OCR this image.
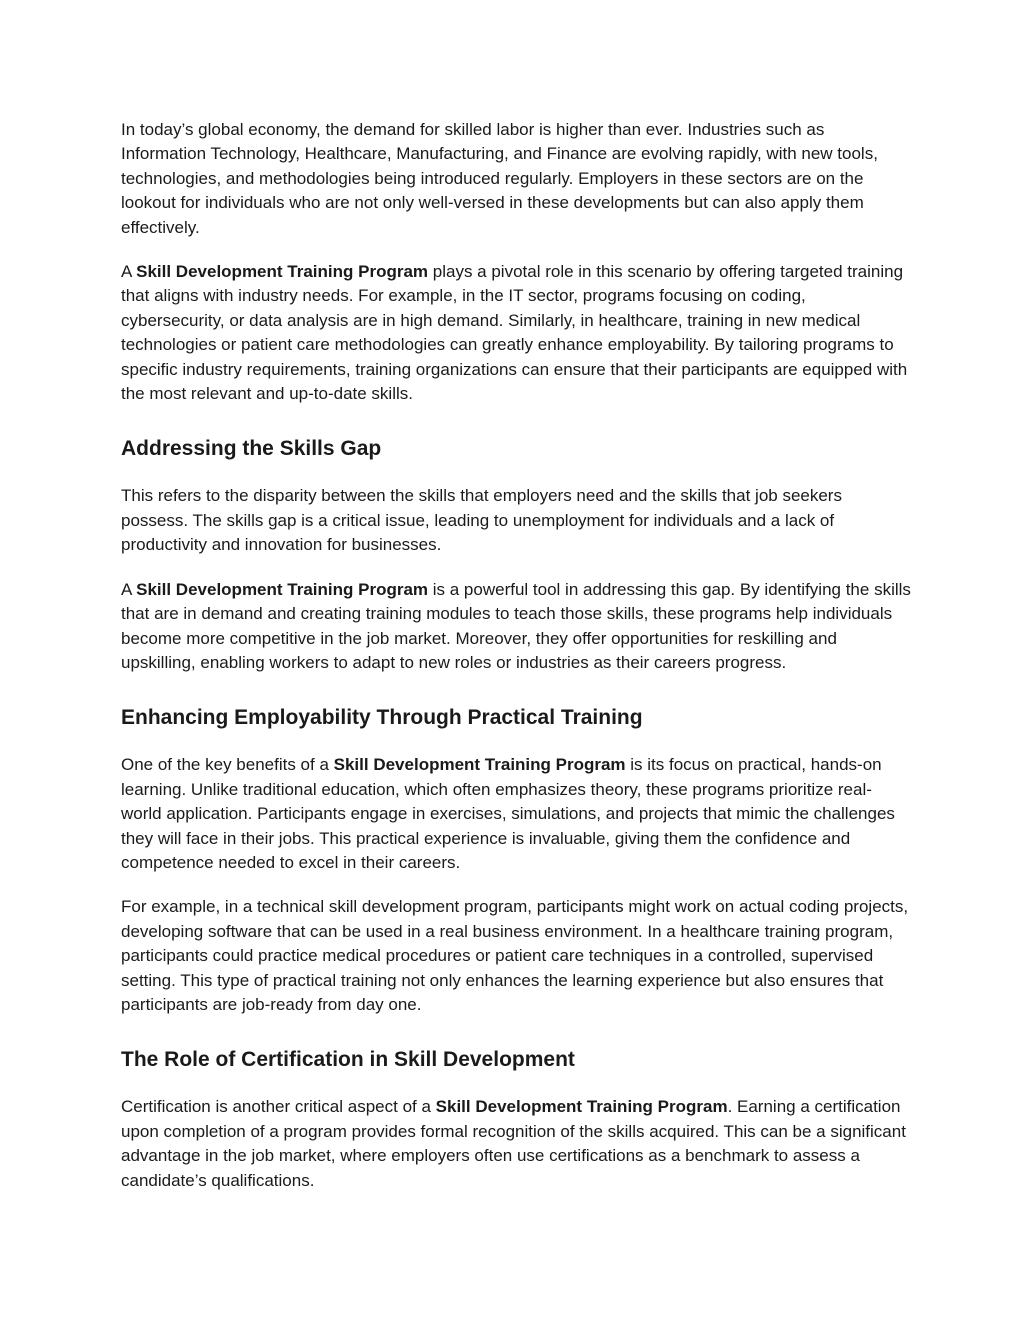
In today’s global economy, the demand for skilled labor is higher than ever. Industries such as Information Technology, Healthcare, Manufacturing, and Finance are evolving rapidly, with new tools, technologies, and methodologies being introduced regularly. Employers in these sectors are on the lookout for individuals who are not only well-versed in these developments but can also apply them effectively.

A Skill Development Training Program plays a pivotal role in this scenario by offering targeted training that aligns with industry needs. For example, in the IT sector, programs focusing on coding, cybersecurity, or data analysis are in high demand. Similarly, in healthcare, training in new medical technologies or patient care methodologies can greatly enhance employability. By tailoring programs to specific industry requirements, training organizations can ensure that their participants are equipped with the most relevant and up-to-date skills.

Addressing the Skills Gap

This refers to the disparity between the skills that employers need and the skills that job seekers possess. The skills gap is a critical issue, leading to unemployment for individuals and a lack of productivity and innovation for businesses.

A Skill Development Training Program is a powerful tool in addressing this gap. By identifying the skills that are in demand and creating training modules to teach those skills, these programs help individuals become more competitive in the job market. Moreover, they offer opportunities for reskilling and upskilling, enabling workers to adapt to new roles or industries as their careers progress.

Enhancing Employability Through Practical Training

One of the key benefits of a Skill Development Training Program is its focus on practical, hands-on learning. Unlike traditional education, which often emphasizes theory, these programs prioritize real-world application. Participants engage in exercises, simulations, and projects that mimic the challenges they will face in their jobs. This practical experience is invaluable, giving them the confidence and competence needed to excel in their careers.

For example, in a technical skill development program, participants might work on actual coding projects, developing software that can be used in a real business environment. In a healthcare training program, participants could practice medical procedures or patient care techniques in a controlled, supervised setting. This type of practical training not only enhances the learning experience but also ensures that participants are job-ready from day one.

The Role of Certification in Skill Development

Certification is another critical aspect of a Skill Development Training Program. Earning a certification upon completion of a program provides formal recognition of the skills acquired. This can be a significant advantage in the job market, where employers often use certifications as a benchmark to assess a candidate’s qualifications.
